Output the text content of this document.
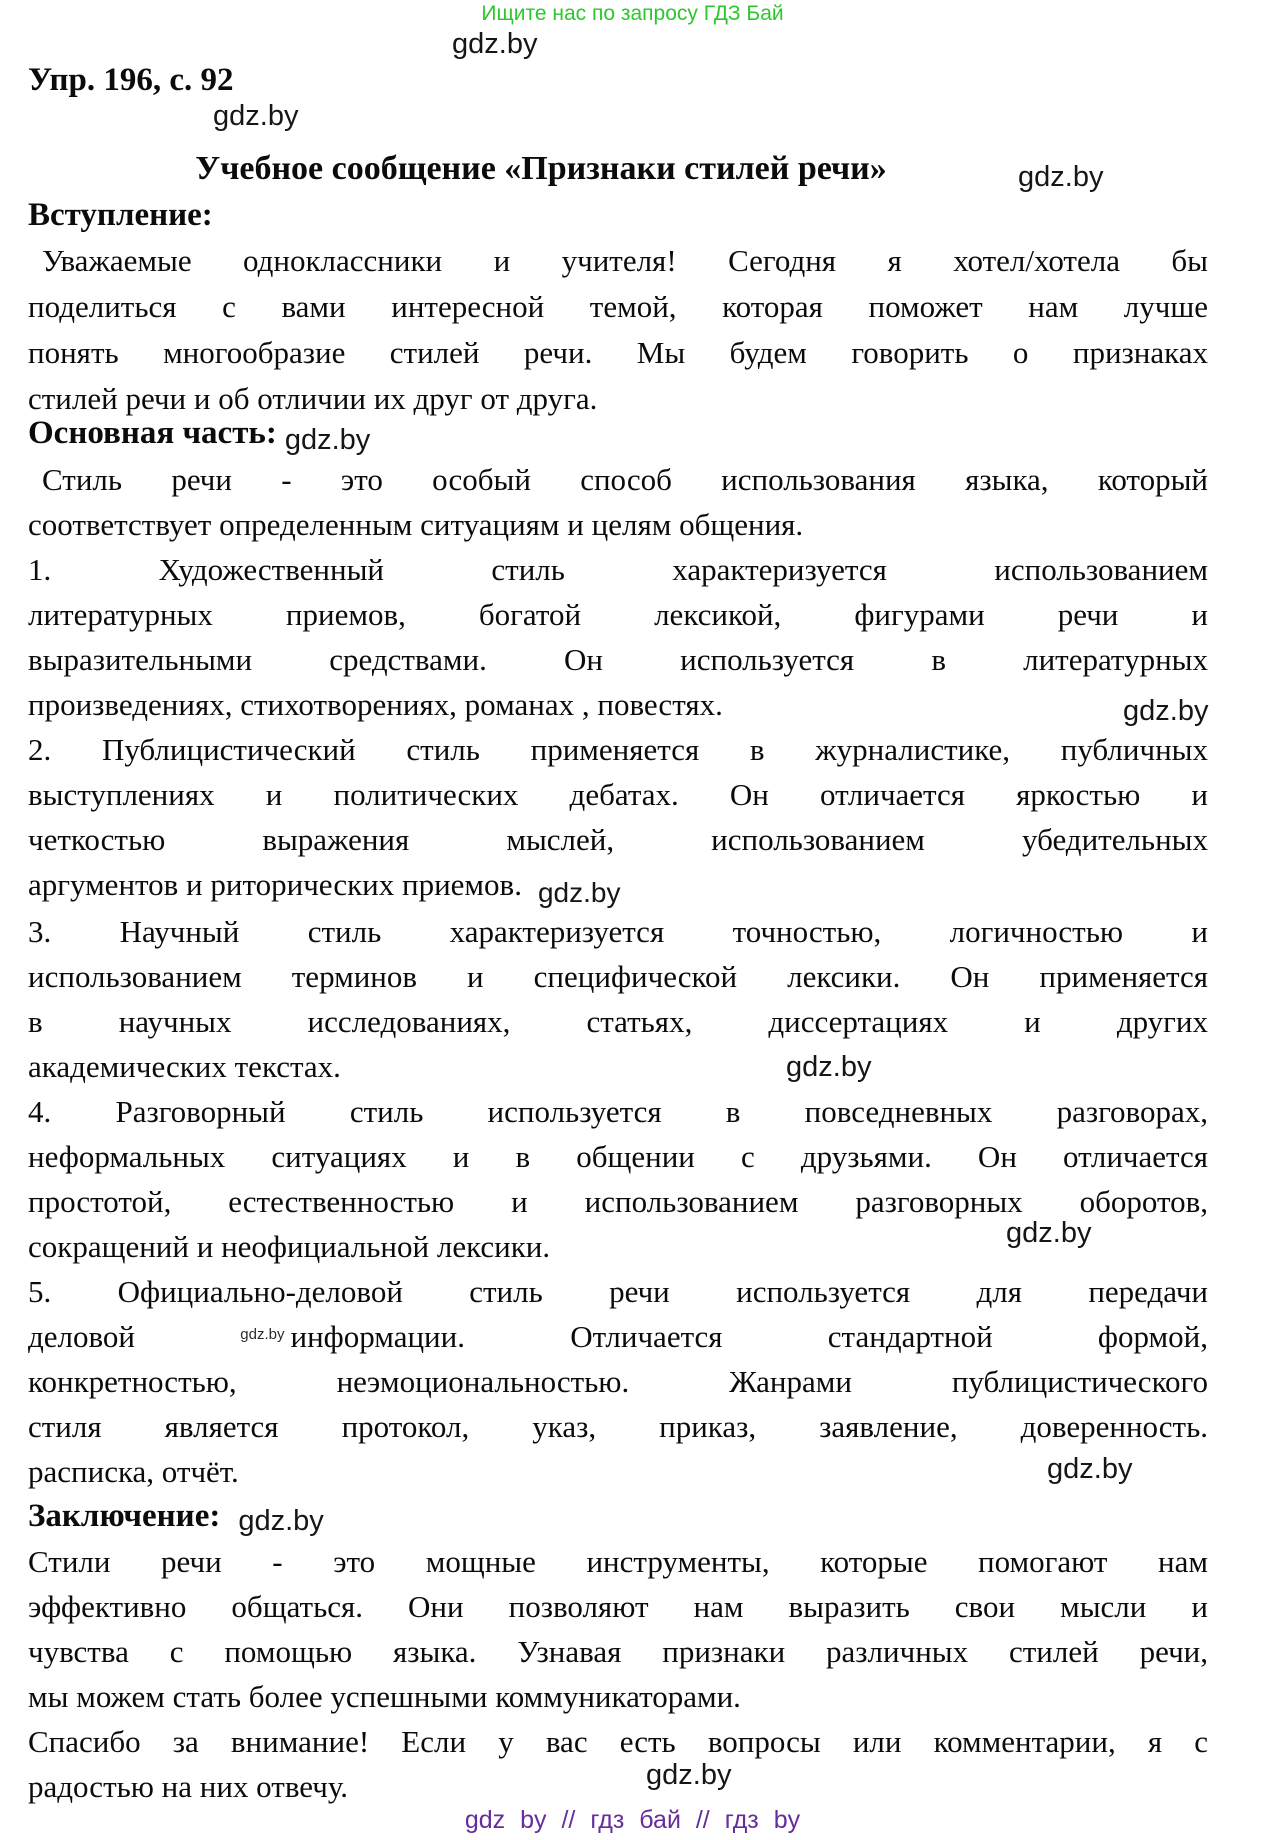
Ищите нас по запросу ГДЗ Бай
gdz.by
gdz.by
gdz.by
gdz.by
gdz.by
gdz.by
gdz.by
gdz.by
Упр. 196, с. 92
Учебное сообщение «Признаки стилей речи»
Вступление:
Уважаемые одноклассники и учителя! Сегодня я хотел/хотела бы
поделиться с вами интересной темой, которая поможет нам лучше
понять многообразие стилей речи. Мы будем говорить о признаках
стилей речи и об отличии их друг от друга.
Основная часть: gdz.by
Стиль речи - это особый способ использования языка, который
соответствует определенным ситуациям и целям общения.
1. Художественный стиль характеризуется использованием
литературных приемов, богатой лексикой, фигурами речи и
выразительными средствами. Он используется в литературных
произведениях, стихотворениях, романах , повестях.
2. Публицистический стиль применяется в журналистике, публичных
выступлениях и политических дебатах. Он отличается яркостью и
четкостью выражения мыслей, использованием убедительных
аргументов и риторических приемов. gdz.by
3. Научный стиль характеризуется точностью, логичностью и
использованием терминов и специфической лексики. Он применяется
в научных исследованиях, статьях, диссертациях и других
академических текстах.
4. Разговорный стиль используется в повседневных разговорах,
неформальных ситуациях и в общении с друзьями. Он отличается
простотой, естественностью и использованием разговорных оборотов,
сокращений и неофициальной лексики.
5. Официально-деловой стиль речи используется для передачи
деловой	$^{gdz.by}$ информации. Отличается стандартной формой,
конкретностью, неэмоциональностью. Жанрами публицистического
стиля является протокол, указ, приказ, заявление, доверенность.
расписка, отчёт.
Заключение: gdz.by
Стили речи - это мощные инструменты, которые помогают нам
эффективно общаться. Они позволяют нам выразить свои мысли и
чувства с помощью языка. Узнавая признаки различных стилей речи,
мы можем стать более успешными коммуникаторами.
Спасибо за внимание! Если у вас есть вопросы или комментарии, я с
радостью на них отвечу.
gdz by // гдз бай // гдз by
